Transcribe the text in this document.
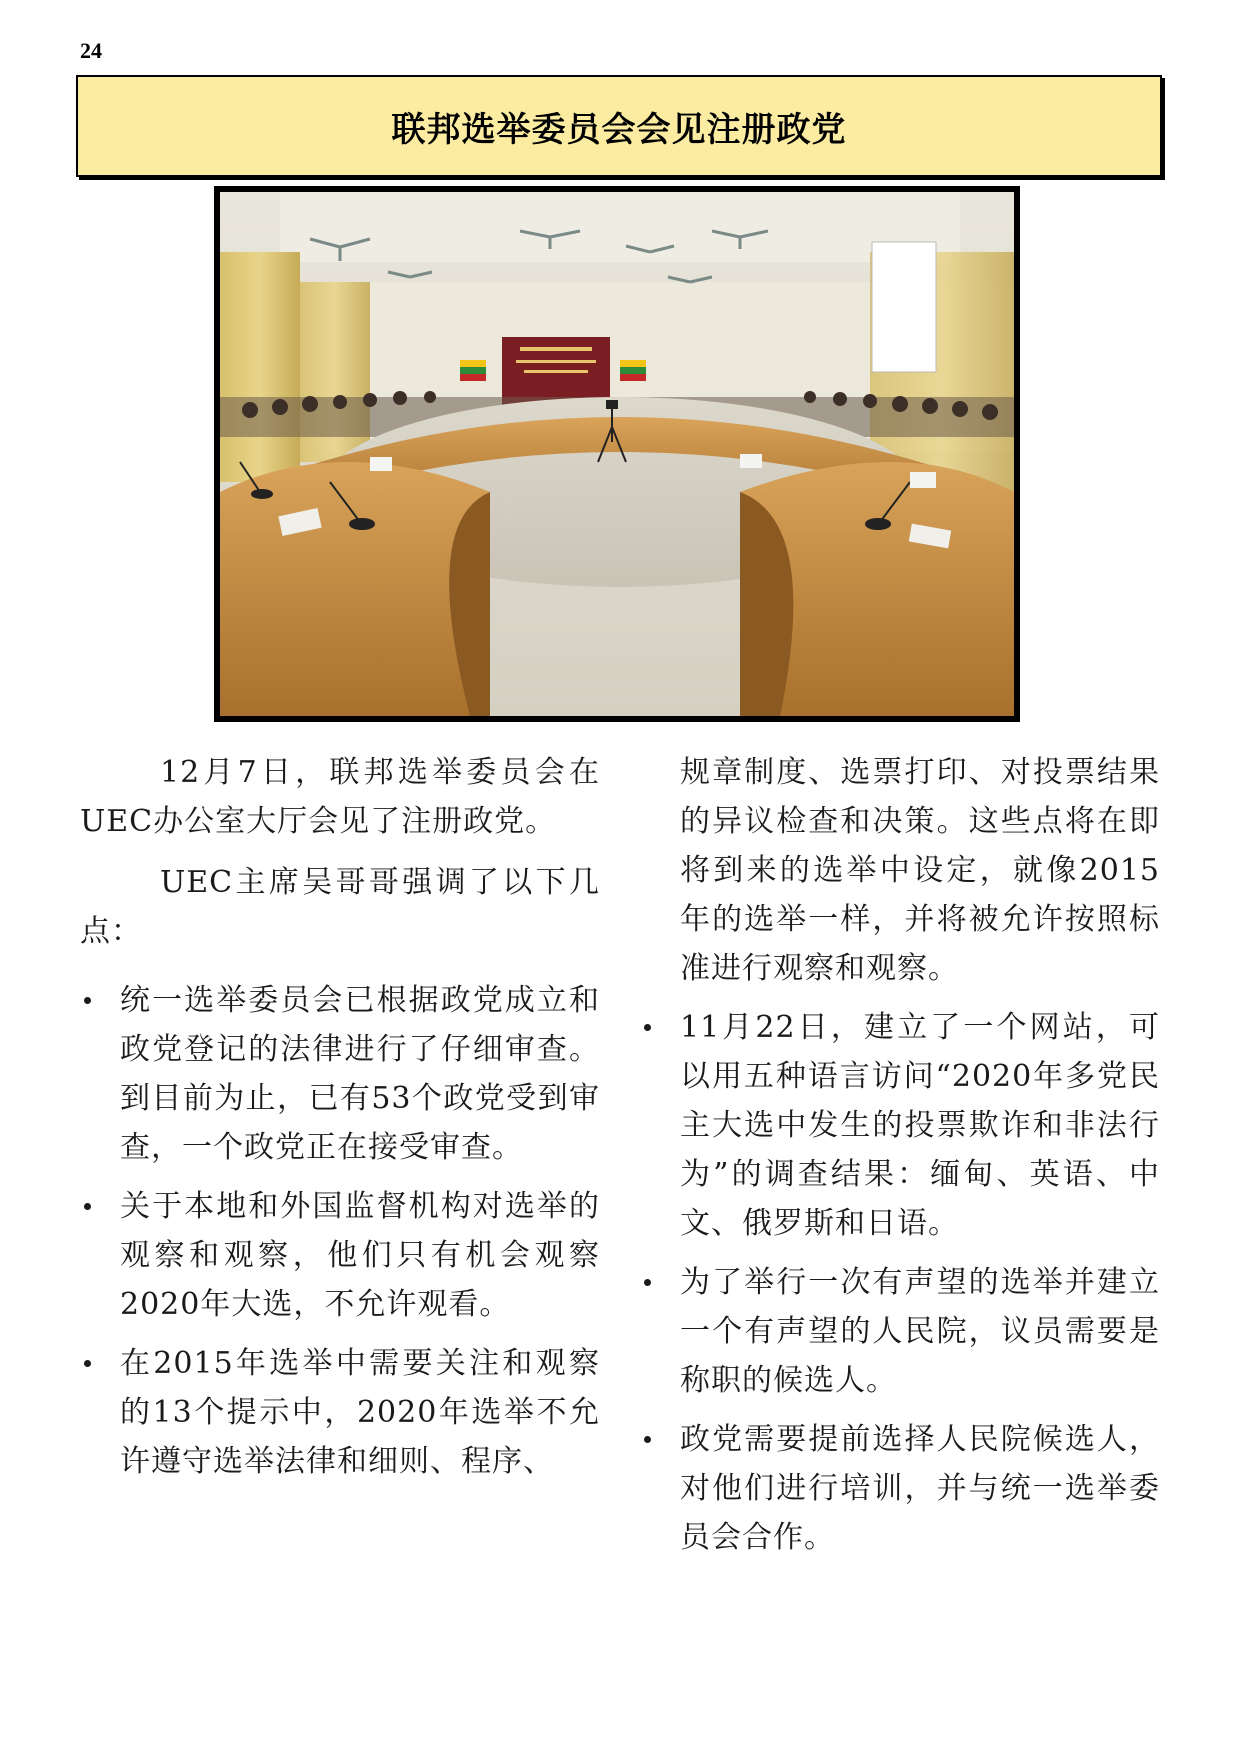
24
联邦选举委员会会见注册政党

12月7日，联邦选举委员会在UEC办公室大厅会见了注册政党。

UEC主席吴哥哥强调了以下几点：

统一选举委员会已根据政党成立和政党登记的法律进行了仔细审查。到目前为止，已有53个政党受到审查，一个政党正在接受审查。
关于本地和外国监督机构对选举的观察和观察，他们只有机会观察2020年大选，不允许观看。
在2015年选举中需要关注和观察的13个提示中，2020年选举不允许遵守选举法律和细则、程序、
规章制度、选票打印、对投票结果的异议检查和决策。这些点将在即将到来的选举中设定，就像2015年的选举一样，并将被允许按照标准进行观察和观察。
11月22日，建立了一个网站，可以用五种语言访问“2020年多党民主大选中发生的投票欺诈和非法行为”的调查结果：缅甸、英语、中文、俄罗斯和日语。
为了举行一次有声望的选举并建立一个有声望的人民院，议员需要是称职的候选人。
政党需要提前选择人民院候选人，对他们进行培训，并与统一选举委员会合作。
